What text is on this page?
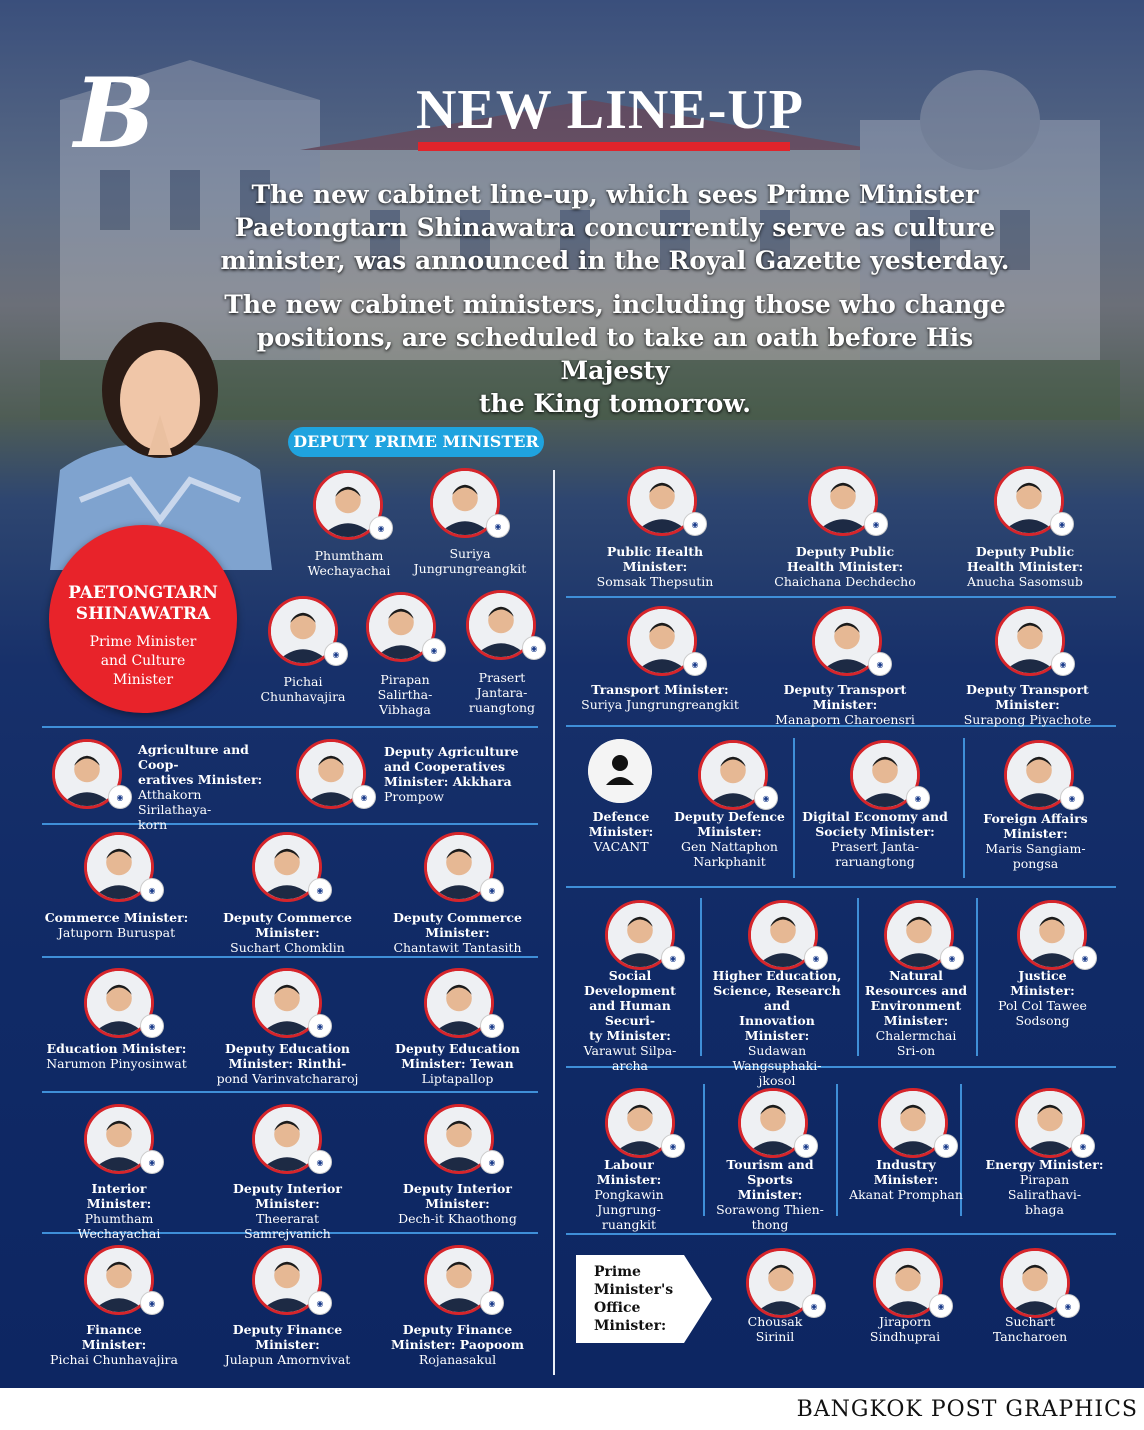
B	NEW LINE-UP
The new cabinet line-up, which sees Prime Minister
Paetongtarn Shinawatra concurrently serve as culture
minister, was announced in the Royal Gazette yesterday.
The new cabinet ministers, including those who change
positions, are scheduled to take an oath before His Majesty
the King tomorrow.
PAETONGTARN
SHINAWATRA
Prime Minister
and Culture
Minister
DEPUTY PRIME MINISTER
◉
Phumtham
Wechayachai
◉
Suriya
Jungrungreangkit
◉
Pichai
Chunhavajira
◉
Pirapan
Salirtha-
Vibhaga
◉
Prasert
Jantara-
ruangtong
◉
Agriculture and Coop-
eratives Minister:
Atthakorn Sirilathaya-
korn
◉
Deputy Agriculture
and Cooperatives
Minister: Akkhara
Prompow
◉
Commerce Minister:
Jatuporn Buruspat
◉
Deputy Commerce
Minister:
Suchart Chomklin
◉
Deputy Commerce
Minister:
Chantawit Tantasith
◉
Education Minister:
Narumon Pinyosinwat
◉
Deputy Education
Minister: Rinthi-
pond Varinvatchararoj
◉
Deputy Education
Minister: Tewan
Liptapallop
◉
Interior
Minister:
Phumtham Wechayachai
◉
Deputy Interior
Minister:
Theerarat Samrejvanich
◉
Deputy Interior
Minister:
Dech-it Khaothong
◉
Finance
Minister:
Pichai Chunhavajira
◉
Deputy Finance
Minister:
Julapun Amornvivat
◉
Deputy Finance
Minister: Paopoom
Rojanasakul
◉
Public Health Minister:
Somsak Thepsutin
◉
Deputy Public
Health Minister:
Chaichana Dechdecho
◉
Deputy Public
Health Minister:
Anucha Sasomsub
◉
Transport Minister:
Suriya Jungrungreangkit
◉
Deputy Transport Minister:
Manaporn Charoensri
◉
Deputy Transport Minister:
Surapong Piyachote
Defence
Minister:
VACANT
◉
Deputy Defence
Minister:
Gen Nattaphon
Narkphanit
◉
Digital Economy and
Society Minister:
Prasert Janta-
raruangtong
◉
Foreign Affairs
Minister:
Maris Sangiam-
pongsa
◉
Social Development
and Human Securi-
ty Minister:
Varawut Silpa-archa
◉
Higher Education,
Science, Research and
Innovation Minister:
Sudawan Wangsuphaki-
jkosol
◉
Natural
Resources and
Environment
Minister:
Chalermchai
Sri-on
◉
Justice
Minister:
Pol Col Tawee
Sodsong
◉
Labour Minister:
Pongkawin Jungrung-
ruangkit
◉
Tourism and
Sports Minister:
Sorawong Thien-
thong
◉
Industry Minister:
Akanat Promphan
◉
Energy Minister:
Pirapan Salirathavi-
bhaga
◉
Chousak
Sirinil
◉
Jiraporn
Sindhuprai
◉
Suchart
Tancharoen
Prime
Minister's
Office
Minister:
BANGKOK POST GRAPHICS
